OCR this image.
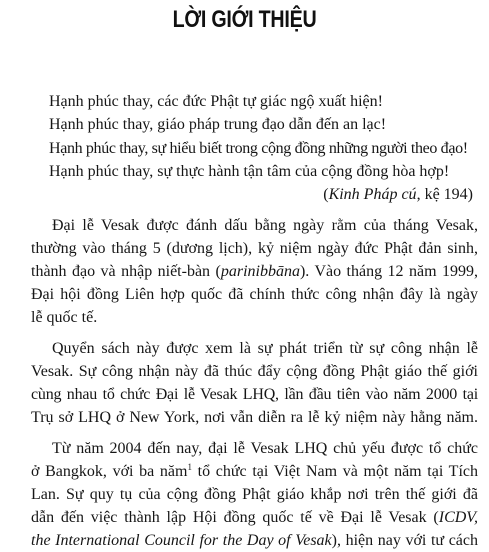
LỜI GIỚI THIỆU
Hạnh phúc thay, các đức Phật tự giác ngộ xuất hiện!
Hạnh phúc thay, giáo pháp trung đạo dẫn đến an lạc!
Hạnh phúc thay, sự hiểu biết trong cộng đồng những người theo đạo!
Hạnh phúc thay, sự thực hành tận tâm của cộng đồng hòa hợp!
(Kinh Pháp cú, kệ 194)
Đại lễ Vesak được đánh dấu bằng ngày rằm của tháng Vesak,
thường vào tháng 5 (dương lịch), kỷ niệm ngày đức Phật đản sinh,
thành đạo và nhập niết-bàn (parinibbāna). Vào tháng 12 năm 1999,
Đại hội đồng Liên hợp quốc đã chính thức công nhận đây là ngày
lễ quốc tế.
Quyển sách này được xem là sự phát triển từ sự công nhận lễ
Vesak. Sự công nhận này đã thúc đẩy cộng đồng Phật giáo thế giới
cùng nhau tổ chức Đại lễ Vesak LHQ, lần đầu tiên vào năm 2000 tại
Trụ sở LHQ ở New York, nơi vẫn diễn ra lễ kỷ niệm này hằng năm.
Từ năm 2004 đến nay, đại lễ Vesak LHQ chủ yếu được tổ chức
ở Bangkok, với ba năm$^1$ tổ chức tại Việt Nam và một năm tại Tích
Lan. Sự quy tụ của cộng đồng Phật giáo khắp nơi trên thế giới đã
dẫn đến việc thành lập Hội đồng quốc tế về Đại lễ Vesak (ICDV,
the International Council for the Day of Vesak), hiện nay với tư cách
